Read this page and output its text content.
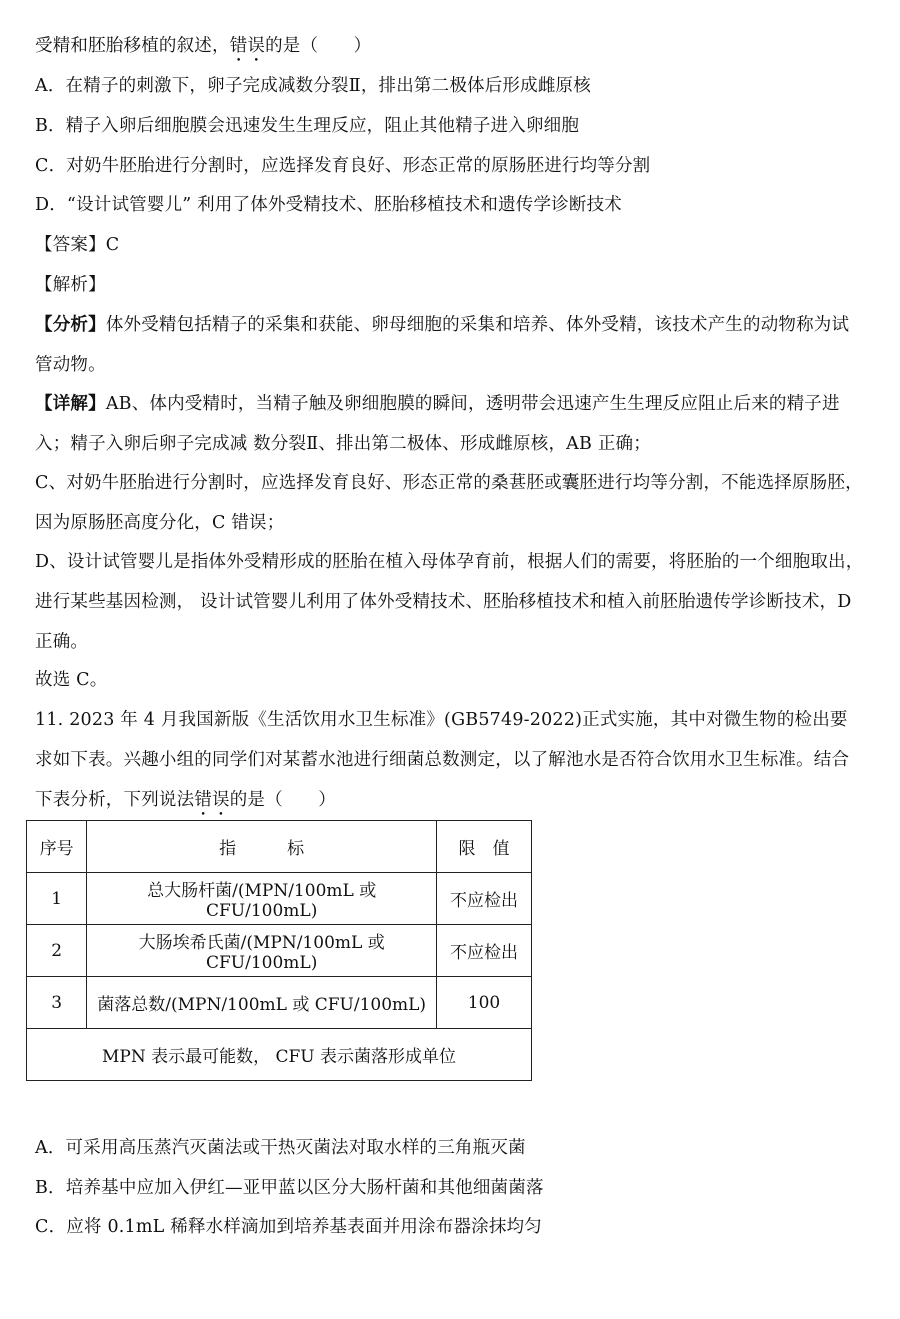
受精和胚胎移植的叙述，错误的是（　　）
A．在精子的刺激下，卵子完成减数分裂Ⅱ，排出第二极体后形成雌原核
B．精子入卵后细胞膜会迅速发生生理反应，阻止其他精子进入卵细胞
C．对奶牛胚胎进行分割时，应选择发育良好、形态正常的原肠胚进行均等分割
D．“设计试管婴儿” 利用了体外受精技术、胚胎移植技术和遗传学诊断技术
【答案】C
【解析】
【分析】体外受精包括精子的采集和获能、卵母细胞的采集和培养、体外受精，该技术产生的动物称为试管动物。
【详解】AB、体内受精时，当精子触及卵细胞膜的瞬间，透明带会迅速产生生理反应阻止后来的精子进入；精子入卵后卵子完成减 数分裂Ⅱ、排出第二极体、形成雌原核，AB 正确；
C、对奶牛胚胎进行分割时，应选择发育良好、形态正常的桑葚胚或囊胚进行均等分割，不能选择原肠胚，因为原肠胚高度分化，C 错误；
D、设计试管婴儿是指体外受精形成的胚胎在植入母体孕育前，根据人们的需要，将胚胎的一个细胞取出，进行某些基因检测， 设计试管婴儿利用了体外受精技术、胚胎移植技术和植入前胚胎遗传学诊断技术，D 正确。
故选 C。
11. 2023 年 4 月我国新版《生活饮用水卫生标准》(GB5749-2022)正式实施，其中对微生物的检出要求如下表。兴趣小组的同学们对某蓄水池进行细菌总数测定，以了解池水是否符合饮用水卫生标准。结合下表分析，下列说法错误的是（　　）
序号	指　　　标	限　值
1	总大肠杆菌/(MPN/100mL 或 CFU/100mL)	不应检出
2	大肠埃希氏菌/(MPN/100mL 或 CFU/100mL)	不应检出
3	菌落总数/(MPN/100mL 或 CFU/100mL)	100
MPN 表示最可能数， CFU 表示菌落形成单位		
A．可采用高压蒸汽灭菌法或干热灭菌法对取水样的三角瓶灭菌
B．培养基中应加入伊红—亚甲蓝以区分大肠杆菌和其他细菌菌落
C．应将 0.1mL 稀释水样滴加到培养基表面并用涂布器涂抹均匀
